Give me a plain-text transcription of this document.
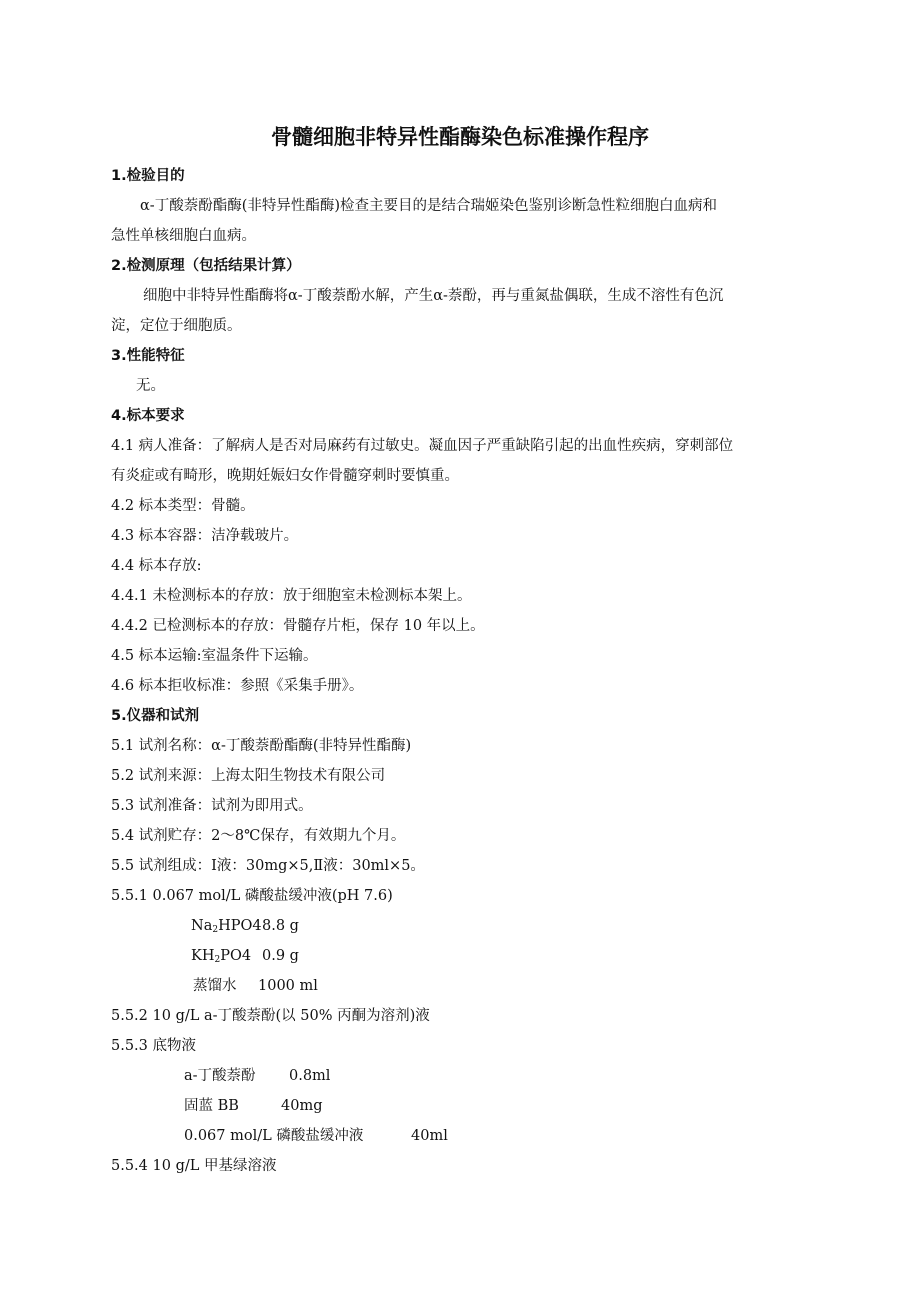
骨髓细胞非特异性酯酶染色标准操作程序
1.检验目的
α-丁酸萘酚酯酶(非特异性酯酶)检查主要目的是结合瑞姬染色鉴别诊断急性粒细胞白血病和
急性单核细胞白血病。
2.检测原理（包括结果计算）
细胞中非特异性酯酶将α-丁酸萘酚水解，产生α-萘酚，再与重氮盐偶联，生成不溶性有色沉
淀，定位于细胞质。
3.性能特征
无。
4.标本要求
4.1 病人准备：了解病人是否对局麻药有过敏史。凝血因子严重缺陷引起的出血性疾病，穿刺部位
有炎症或有畸形，晚期妊娠妇女作骨髓穿刺时要慎重。
4.2 标本类型：骨髓。
4.3 标本容器：洁净载玻片。
4.4 标本存放:
4.4.1 未检测标本的存放：放于细胞室未检测标本架上。
4.4.2 已检测标本的存放：骨髓存片柜，保存 10 年以上。
4.5 标本运输:室温条件下运输。
4.6 标本拒收标准：参照《采集手册》。
5.仪器和试剂
5.1 试剂名称：α-丁酸萘酚酯酶(非特异性酯酶)
5.2 试剂来源：上海太阳生物技术有限公司
5.3 试剂准备：试剂为即用式。
5.4 试剂贮存：2～8℃保存，有效期九个月。
5.5 试剂组成：Ⅰ液：30mg×5,Ⅱ液：30ml×5。
5.5.1 0.067 mol/L 磷酸盐缓冲液(pH 7.6)
$Na_2HPO4$ 8.8 g
$KH_2PO4$ 0.9 g
蒸馏水 1000 ml
5.5.2 10 g/L a-丁酸萘酚(以 50% 丙酮为溶剂)液
5.5.3 底物液
a-丁酸萘酚 0.8ml
固蓝 BB	40mg
0.067 mol/L 磷酸盐缓冲液	40ml
5.5.4 10 g/L 甲基绿溶液
